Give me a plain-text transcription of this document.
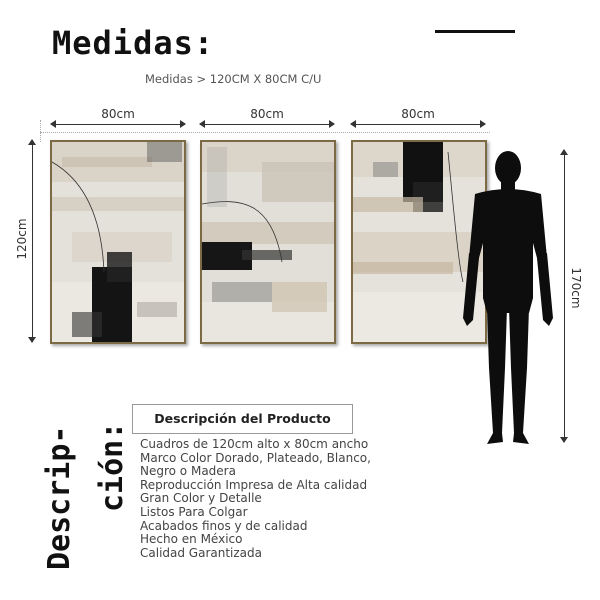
Medidas:
Medidas > 120CM X 80CM C/U
80cm	80cm	80cm
120cm
170cm
Descrip- ción:
Descripción del Producto
Cuadros de 120cm alto x 80cm ancho
Marco Color Dorado, Plateado, Blanco,
Negro o Madera
Reproducción Impresa de Alta calidad
Gran Color y Detalle
Listos Para Colgar
Acabados finos y de calidad
Hecho en México
Calidad Garantizada
